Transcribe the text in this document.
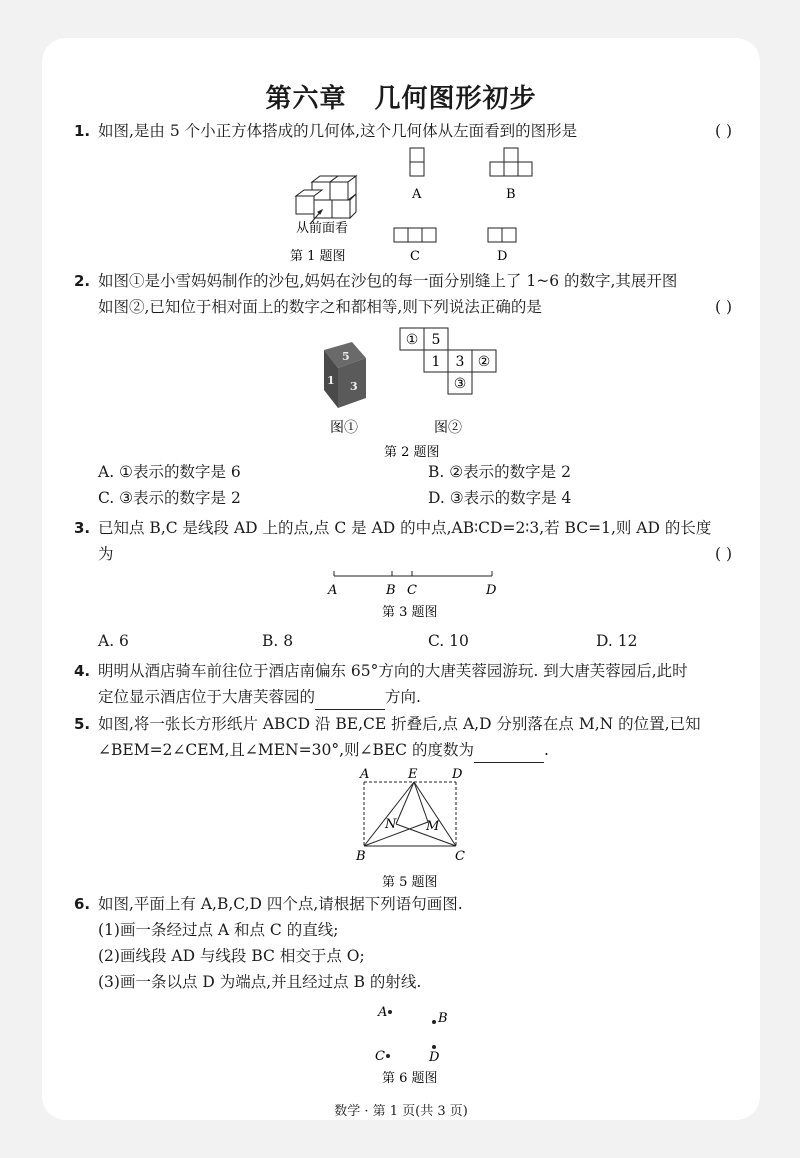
第六章 几何图形初步
1. 如图,是由 5 个小正方体搭成的几何体,这个几何体从左面看到的图形是	( )
从前面看
第 1 题图
A	B
C	D
2. 如图①是小雪妈妈制作的沙包,妈妈在沙包的每一面分别缝上了 1~6 的数字,其展开图
如图②,已知位于相对面上的数字之和都相等,则下列说法正确的是	( )
5
1 3
图①
① 5
1 3 ②
③
图②
第 2 题图
A. ①表示的数字是 6	B. ②表示的数字是 2
C. ③表示的数字是 2	D. ③表示的数字是 4
3. 已知点 B,C 是线段 AD 上的点,点 C 是 AD 的中点,AB∶CD=2∶3,若 BC=1,则 AD 的长度
为	( )
A	B C	D
第 3 题图
A. 6	B. 8	C. 10	D. 12
4. 明明从酒店骑车前往位于酒店南偏东 65°方向的大唐芙蓉园游玩. 到大唐芙蓉园后,此时
定位显示酒店位于大唐芙蓉园的	方向.
5. 如图,将一张长方形纸片 ABCD 沿 BE,CE 折叠后,点 A,D 分别落在点 M,N 的位置,已知
∠BEM=2∠CEM,且∠MEN=30°,则∠BEC 的度数为	.
A	E	D
N M
B	C
第 5 题图
6. 如图,平面上有 A,B,C,D 四个点,请根据下列语句画图.
(1)画一条经过点 A 和点 C 的直线;
(2)画线段 AD 与线段 BC 相交于点 O;
(3)画一条以点 D 为端点,并且经过点 B 的射线.
A	B
C	D
第 6 题图
数学 · 第 1 页(共 3 页)
